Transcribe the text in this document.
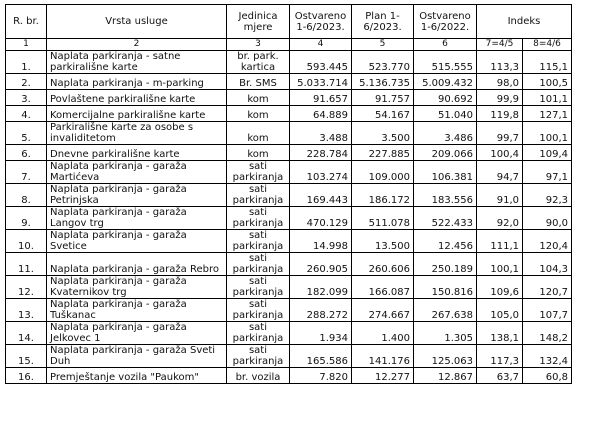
R. br.	Vrsta usluge	Jedinica mjere	Ostvareno 1-6/2023.	Plan 1-6/2023.	Ostvareno 1-6/2022.	Indeks	
1	2	3	4	5	6	7=4/5	8=4/6
1.	Naplata parkiranja - satne parkirališne karte	br. park. kartica	593.445	523.770	515.555	113,3	115,1
2.	Naplata parkiranja - m-parking	Br. SMS	5.033.714	5.136.735	5.009.432	98,0	100,5
3.	Povlaštene parkirališne karte	kom	91.657	91.757	90.692	99,9	101,1
4.	Komercijalne parkirališne karte	kom	64.889	54.167	51.040	119,8	127,1
5.	Parkirališne karte za osobe s invaliditetom	kom	3.488	3.500	3.486	99,7	100,1
6.	Dnevne parkirališne karte	kom	228.784	227.885	209.066	100,4	109,4
7.	Naplata parkiranja - garaža Martićeva	sati parkiranja	103.274	109.000	106.381	94,7	97,1
8.	Naplata parkiranja - garaža Petrinjska	sati parkiranja	169.443	186.172	183.556	91,0	92,3
9.	Naplata parkiranja - garaža Langov trg	sati parkiranja	470.129	511.078	522.433	92,0	90,0
10.	Naplata parkiranja - garaža Svetice	sati parkiranja	14.998	13.500	12.456	111,1	120,4
11.	Naplata parkiranja - garaža Rebro	sati parkiranja	260.905	260.606	250.189	100,1	104,3
12.	Naplata parkiranja - garaža Kvaternikov trg	sati parkiranja	182.099	166.087	150.816	109,6	120,7
13.	Naplata parkiranja - garaža Tuškanac	sati parkiranja	288.272	274.667	267.638	105,0	107,7
14.	Naplata parkiranja - garaža Jelkovec 1	sati parkiranja	1.934	1.400	1.305	138,1	148,2
15.	Naplata parkiranja - garaža Sveti Duh	sati parkiranja	165.586	141.176	125.063	117,3	132,4
16.	Premještanje vozila "Paukom"	br. vozila	7.820	12.277	12.867	63,7	60,8
